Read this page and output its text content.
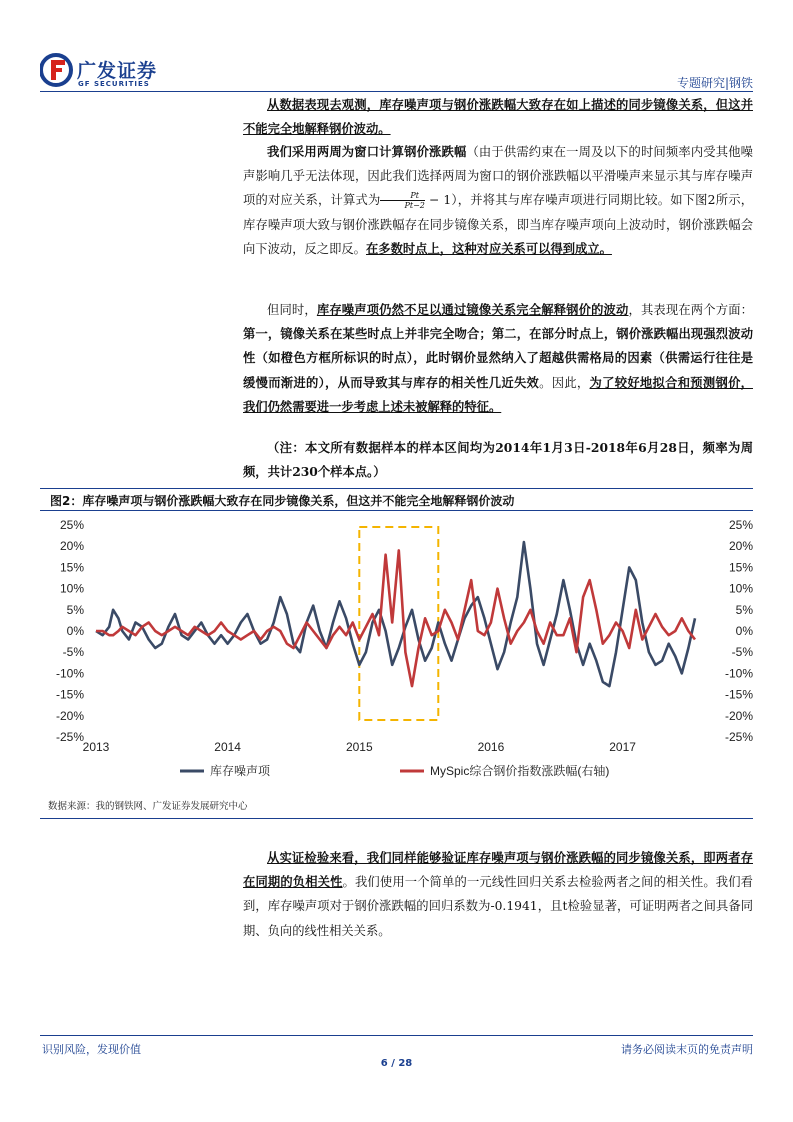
广发证券
GF SECURITIES	专题研究|钢铁
从数据表现去观测，库存噪声项与钢价涨跌幅大致存在如上描述的同步镜像关系，但这并不能完全地解释钢价波动。
我们采用两周为窗口计算钢价涨跌幅（由于供需约束在一周及以下的时间频率内受其他噪声影响几乎无法体现，因此我们选择两周为窗口的钢价涨跌幅以平滑噪声来显示其与库存噪声项的对应关系，计算式为 $\frac{Pt}{Pt-2} - 1$），并将其与库存噪声项进行同期比较。如下图2所示，库存噪声项大致与钢价涨跌幅存在同步镜像关系，即当库存噪声项向上波动时，钢价涨跌幅会向下波动，反之即反。在多数时点上，这种对应关系可以得到成立。
但同时，库存噪声项仍然不足以通过镜像关系完全解释钢价的波动，其表现在两个方面：第一，镜像关系在某些时点上并非完全吻合；第二，在部分时点上，钢价涨跌幅出现强烈波动性（如橙色方框所标识的时点），此时钢价显然纳入了超越供需格局的因素（供需运行往往是缓慢而渐进的），从而导致其与库存的相关性几近失效。因此，为了较好地拟合和预测钢价，我们仍然需要进一步考虑上述未被解释的特征。
（注：本文所有数据样本的样本区间均为2014年1月3日-2018年6月28日，频率为周频，共计230个样本点。）
图2：库存噪声项与钢价涨跌幅大致存在同步镜像关系，但这并不能完全地解释钢价波动
25%
20%
15%
10%
5%
0%
-5%
-10%
-15%
-20%
-25%
25%
20%
15%
10%
5%
0%
-5%
-10%
-15%
-20%
-25%
2013	2014	2015	2016	2017
库存噪声项	MySpic综合钢价指数涨跌幅(右轴)
数据来源：我的钢铁网、广发证券发展研究中心
从实证检验来看，我们同样能够验证库存噪声项与钢价涨跌幅的同步镜像关系，即两者存在同期的负相关性。我们使用一个简单的一元线性回归关系去检验两者之间的相关性。我们看到，库存噪声项对于钢价涨跌幅的回归系数为-0.1941，且t检验显著，可证明两者之间具备同期、负向的线性相关关系。
识别风险，发现价值	请务必阅读末页的免责声明
6 / 28
